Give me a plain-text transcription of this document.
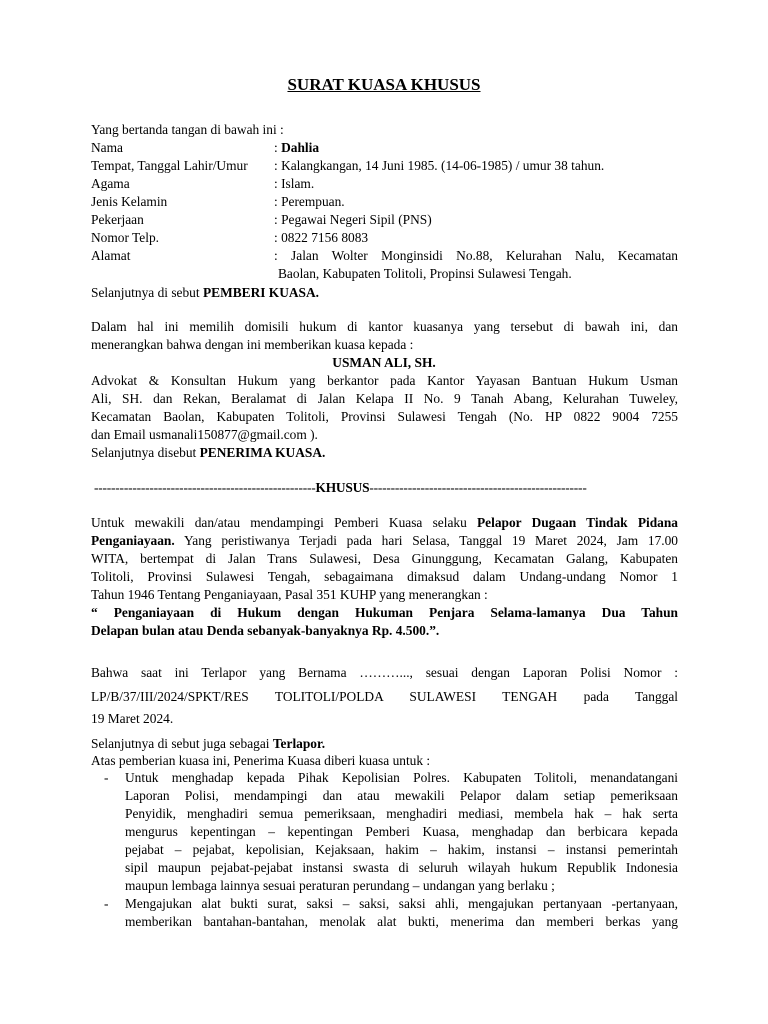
SURAT KUASA KHUSUS
Yang bertanda tangan di bawah ini :
Nama	: Dahlia
Tempat, Tanggal Lahir/Umur : Kalangkangan, 14 Juni 1985. (14-06-1985) / umur 38 tahun.
Agama	: Islam.
Jenis Kelamin	: Perempuan.
Pekerjaan	: Pegawai Negeri Sipil (PNS)
Nomor Telp.	: 0822 7156 8083
Alamat	: Jalan Wolter Monginsidi No.88, Kelurahan Nalu, Kecamatan
Baolan, Kabupaten Tolitoli, Propinsi Sulawesi Tengah.
Selanjutnya di sebut PEMBERI KUASA.
Dalam hal ini memilih domisili hukum di kantor kuasanya yang tersebut di bawah ini, dan
menerangkan bahwa dengan ini memberikan kuasa kepada :
USMAN ALI, SH.
Advokat & Konsultan Hukum yang berkantor pada Kantor Yayasan Bantuan Hukum Usman
Ali, SH. dan Rekan, Beralamat di Jalan Kelapa II No. 9 Tanah Abang, Kelurahan Tuweley,
Kecamatan Baolan, Kabupaten Tolitoli, Provinsi Sulawesi Tengah (No. HP 0822 9004 7255
dan Email usmanali150877@gmail.com ).
Selanjutnya disebut PENERIMA KUASA.
----------------------------------------------------KHUSUS---------------------------------------------------
Untuk mewakili dan/atau mendampingi Pemberi Kuasa selaku Pelapor Dugaan Tindak Pidana
Penganiayaan. Yang peristiwanya Terjadi pada hari Selasa, Tanggal 19 Maret 2024, Jam 17.00
WITA, bertempat di Jalan Trans Sulawesi, Desa Ginunggung, Kecamatan Galang, Kabupaten
Tolitoli, Provinsi Sulawesi Tengah, sebagaimana dimaksud dalam Undang-undang Nomor 1
Tahun 1946 Tentang Penganiayaan, Pasal 351 KUHP yang menerangkan :
“ Penganiayaan di Hukum dengan Hukuman Penjara Selama-lamanya Dua Tahun
Delapan bulan atau Denda sebanyak-banyaknya Rp. 4.500.”.
Bahwa saat ini Terlapor yang Bernama ………..., sesuai dengan Laporan Polisi Nomor :
LP/B/37/III/2024/SPKT/RES TOLITOLI/POLDA SULAWESI TENGAH pada Tanggal
19 Maret 2024.
Selanjutnya di sebut juga sebagai Terlapor.
Atas pemberian kuasa ini, Penerima Kuasa diberi kuasa untuk :
- Untuk menghadap kepada Pihak Kepolisian Polres. Kabupaten Tolitoli, menandatangani
Laporan Polisi, mendampingi dan atau mewakili Pelapor dalam setiap pemeriksaan
Penyidik, menghadiri semua pemeriksaan, menghadiri mediasi, membela hak – hak serta
mengurus kepentingan – kepentingan Pemberi Kuasa, menghadap dan berbicara kepada
pejabat – pejabat, kepolisian, Kejaksaan, hakim – hakim, instansi – instansi pemerintah
sipil maupun pejabat-pejabat instansi swasta di seluruh wilayah hukum Republik Indonesia
maupun lembaga lainnya sesuai peraturan perundang – undangan yang berlaku ;
- Mengajukan alat bukti surat, saksi – saksi, saksi ahli, mengajukan pertanyaan -pertanyaan,
memberikan bantahan-bantahan, menolak alat bukti, menerima dan memberi berkas yang
